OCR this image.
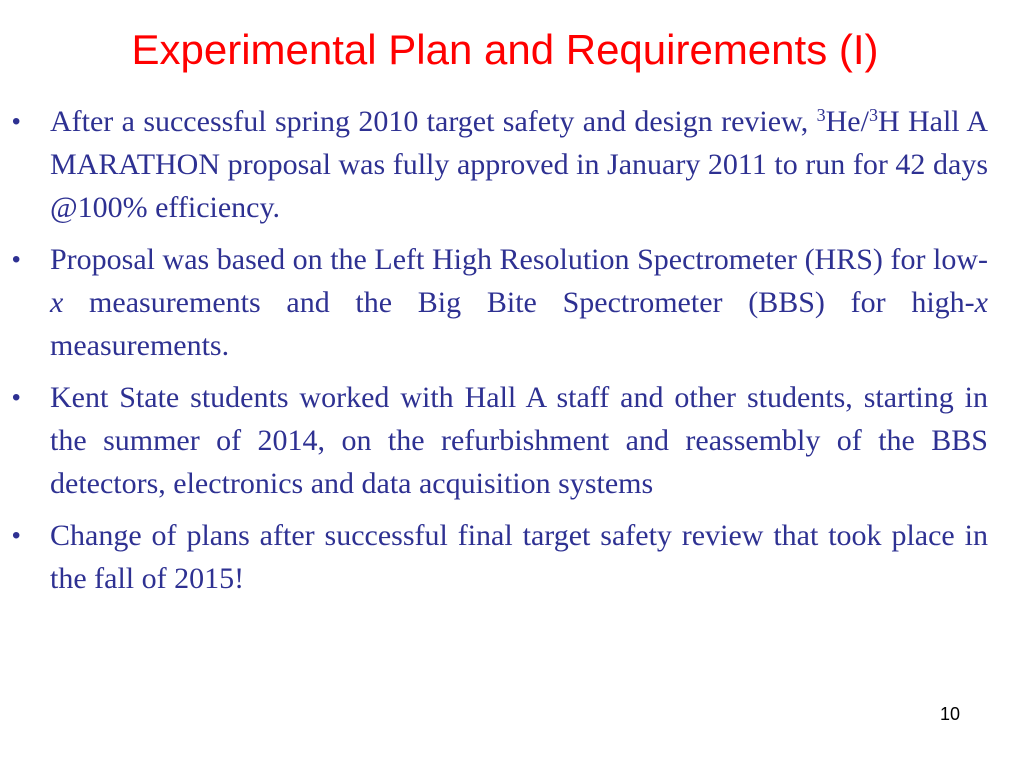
Experimental Plan and Requirements (I)
• After a successful spring 2010 target safety and design review, $^3$He/$^3$H Hall A MARATHON proposal was fully approved in January 2011 to run for 42 days @100% efficiency.
• Proposal was based on the Left High Resolution Spectrometer (HRS) for low-x measurements and the Big Bite Spectrometer (BBS) for high-x measurements.
• Kent State students worked with Hall A staff and other students, starting in the summer of 2014, on the refurbishment and reassembly of the BBS detectors, electronics and data acquisition systems
• Change of plans after successful final target safety review that took place in the fall of 2015!
10
